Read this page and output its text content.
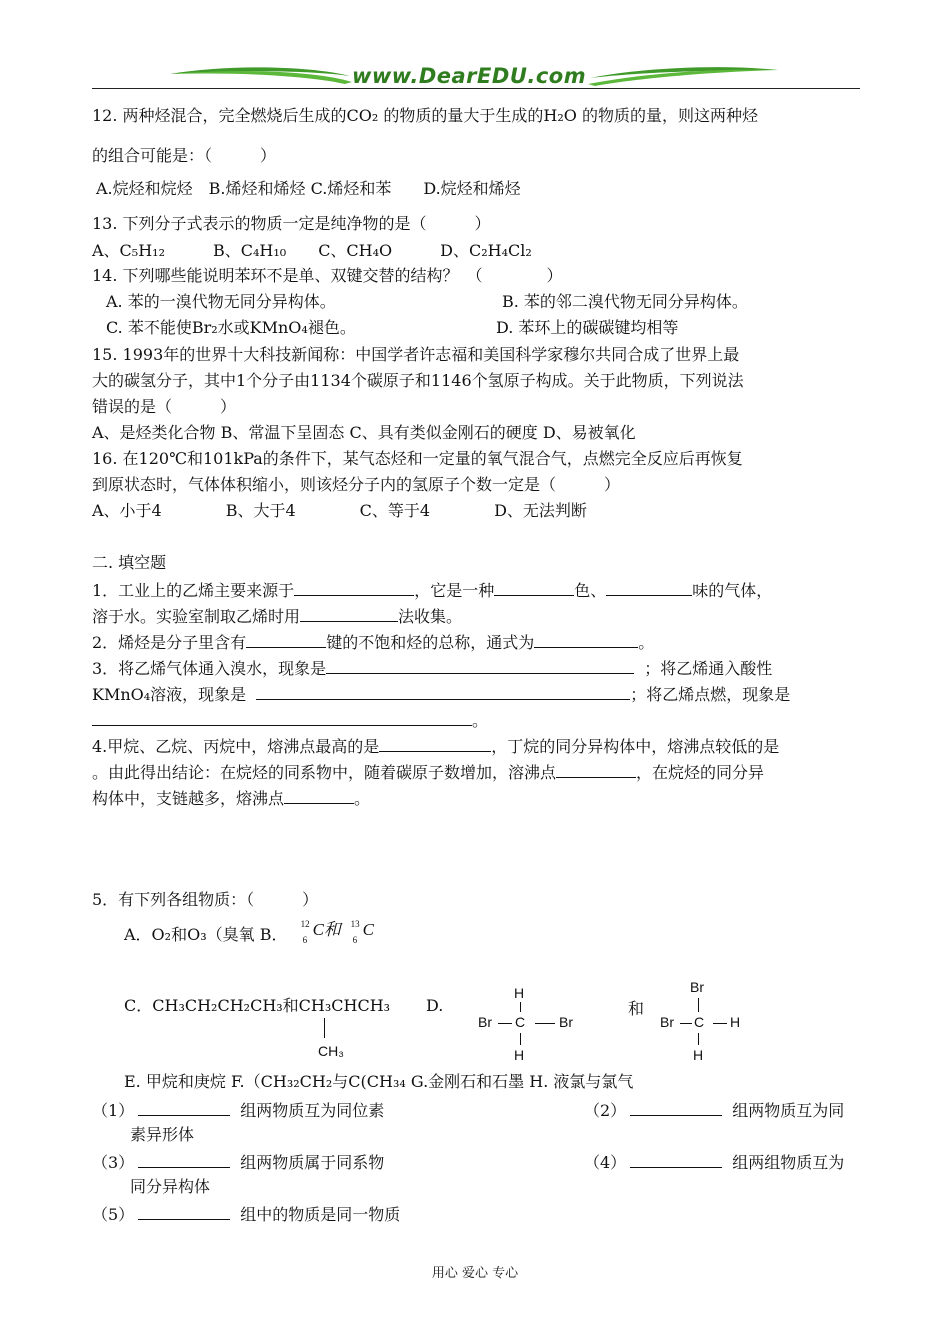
www.DearEDU.com
12. 两种烃混合，完全燃烧后生成的CO₂ 的物质的量大于生成的H₂O 的物质的量，则这两种烃
的组合可能是：（　　　）
A.烷烃和烷烃　B.烯烃和烯烃 C.烯烃和苯　　D.烷烃和烯烃
13. 下列分子式表示的物质一定是纯净物的是（　　　）
A、C₅H₁₂　　　B、C₄H₁₀　　C、CH₄O　　　D、C₂H₄Cl₂
14. 下列哪些能说明苯环不是单、双键交替的结构？　（　　　　）
A. 苯的一溴代物无同分异构体。	B. 苯的邻二溴代物无同分异构体。
C. 苯不能使Br₂水或KMnO₄褪色。	D. 苯环上的碳碳键均相等
15. 1993年的世界十大科技新闻称：中国学者许志福和美国科学家穆尔共同合成了世界上最
大的碳氢分子，其中1个分子由1134个碳原子和1146个氢原子构成。关于此物质，下列说法
错误的是（　　　）
A、是烃类化合物 B、常温下呈固态 C、具有类似金刚石的硬度 D、易被氧化
16. 在120℃和101kPa的条件下，某气态烃和一定量的氧气混合气，点燃完全反应后再恢复
到原状态时，气体体积缩小，则该烃分子内的氢原子个数一定是（　　　）
A、小于4　　　　B、大于4　　　　C、等于4　　　　D、无法判断
二. 填空题
1．工业上的乙烯主要来源于	，它是一种	色、	味的气体，
溶于水。实验室制取乙烯时用	法收集。
2．烯烃是分子里含有	键的不饱和烃的总称，通式为	。
3．将乙烯气体通入溴水，现象是	；将乙烯通入酸性
KMnO₄溶液，现象是	；将乙烯点燃，现象是
。
4.甲烷、乙烷、丙烷中，熔沸点最高的是	，丁烷的同分异构体中，熔沸点较低的是
。由此得出结论：在烷烃的同系物中，随着碳原子数增加，溶沸点	，在烷烃的同分异
构体中，支链越多，熔沸点	。
5．有下列各组物质：（　　　）
A．O₂和O₃（臭氧 B．
12
6
C和 13
6
C
C．CH₃CH₂CH₂CH₃和CH₃CHCH₃
CH₃
D.
H
Br C Br
H
和
Br
Br C H
H
E. 甲烷和庚烷 F.（CH₃₂CH₂与C(CH₃₄ G.金刚石和石墨 H. 液氯与氯气
（1）	组两物质互为同位素	（2）	组两物质互为同
素异形体
（3）	组两物质属于同系物	（4）	组两组物质互为
同分异构体
（5）	组中的物质是同一物质
用心 爱心 专心
